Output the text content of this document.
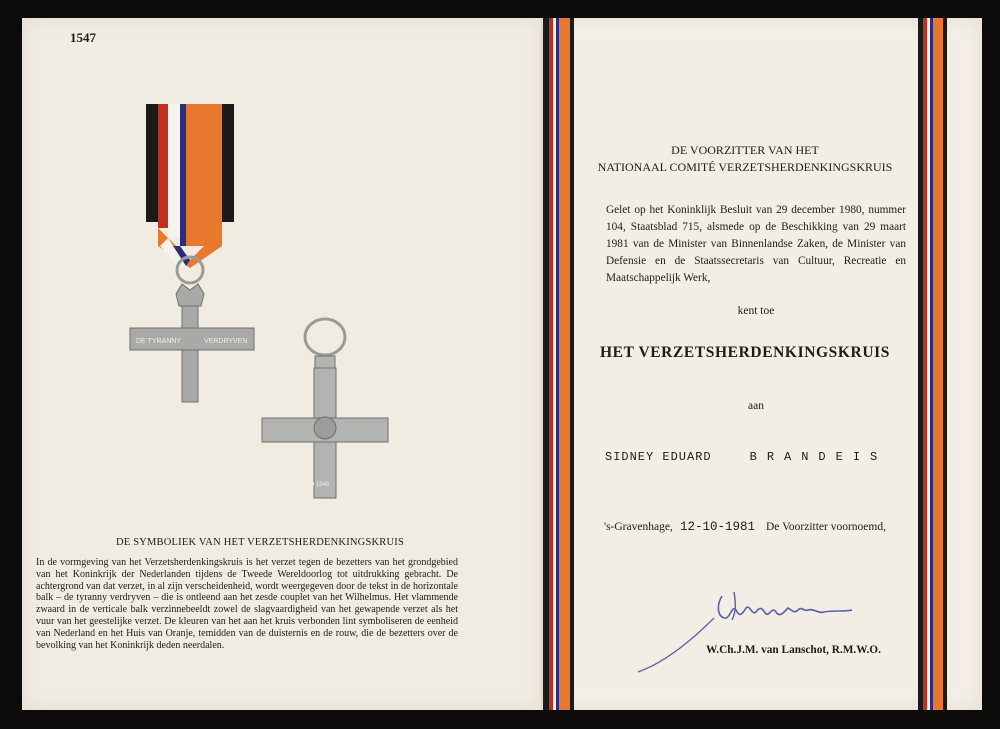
1547
DE TYRANNY	VERDRYVEN
1940 1945
DE SYMBOLIEK VAN HET VERZETSHERDENKINGSKRUIS
In de vormgeving van het Verzetsherdenkingskruis is het verzet tegen de bezetters van het grondgebied van het Koninkrijk der Nederlanden tijdens de Tweede Wereldoorlog tot uitdrukking gebracht. De achtergrond van dat verzet, in al zijn verscheidenheid, wordt weergegeven door de tekst in de horizontale balk – de tyranny verdryven – die is ontleend aan het zesde couplet van het Wilhelmus. Het vlammende zwaard in de verticale balk verzinnebeeldt zowel de slagvaardigheid van het gewapende verzet als het vuur van het geestelijke verzet. De kleuren van het aan het kruis verbonden lint symboliseren de eenheid van Nederland en het Huis van Oranje, temidden van de duisternis en de rouw, die de bezetters over de bevolking van het Koninkrijk deden neerdalen.
DE VOORZITTER VAN HET
NATIONAAL COMITÉ VERZETSHERDENKINGSKRUIS
Gelet op het Koninklijk Besluit van 29 december 1980, nummer 104, Staatsblad 715, alsmede op de Beschikking van 29 maart 1981 van de Minister van Binnenlandse Zaken, de Minister van Defensie en de Staatssecretaris van Cultuur, Recreatie en Maatschappelijk Werk,
kent toe
HET VERZETSHERDENKINGSKRUIS
aan
SIDNEY EDUARD	BRANDEIS
's-Gravenhage, 12-10-1981 De Voorzitter voornoemd,
W.Ch.J.M. van Lanschot, R.M.W.O.
